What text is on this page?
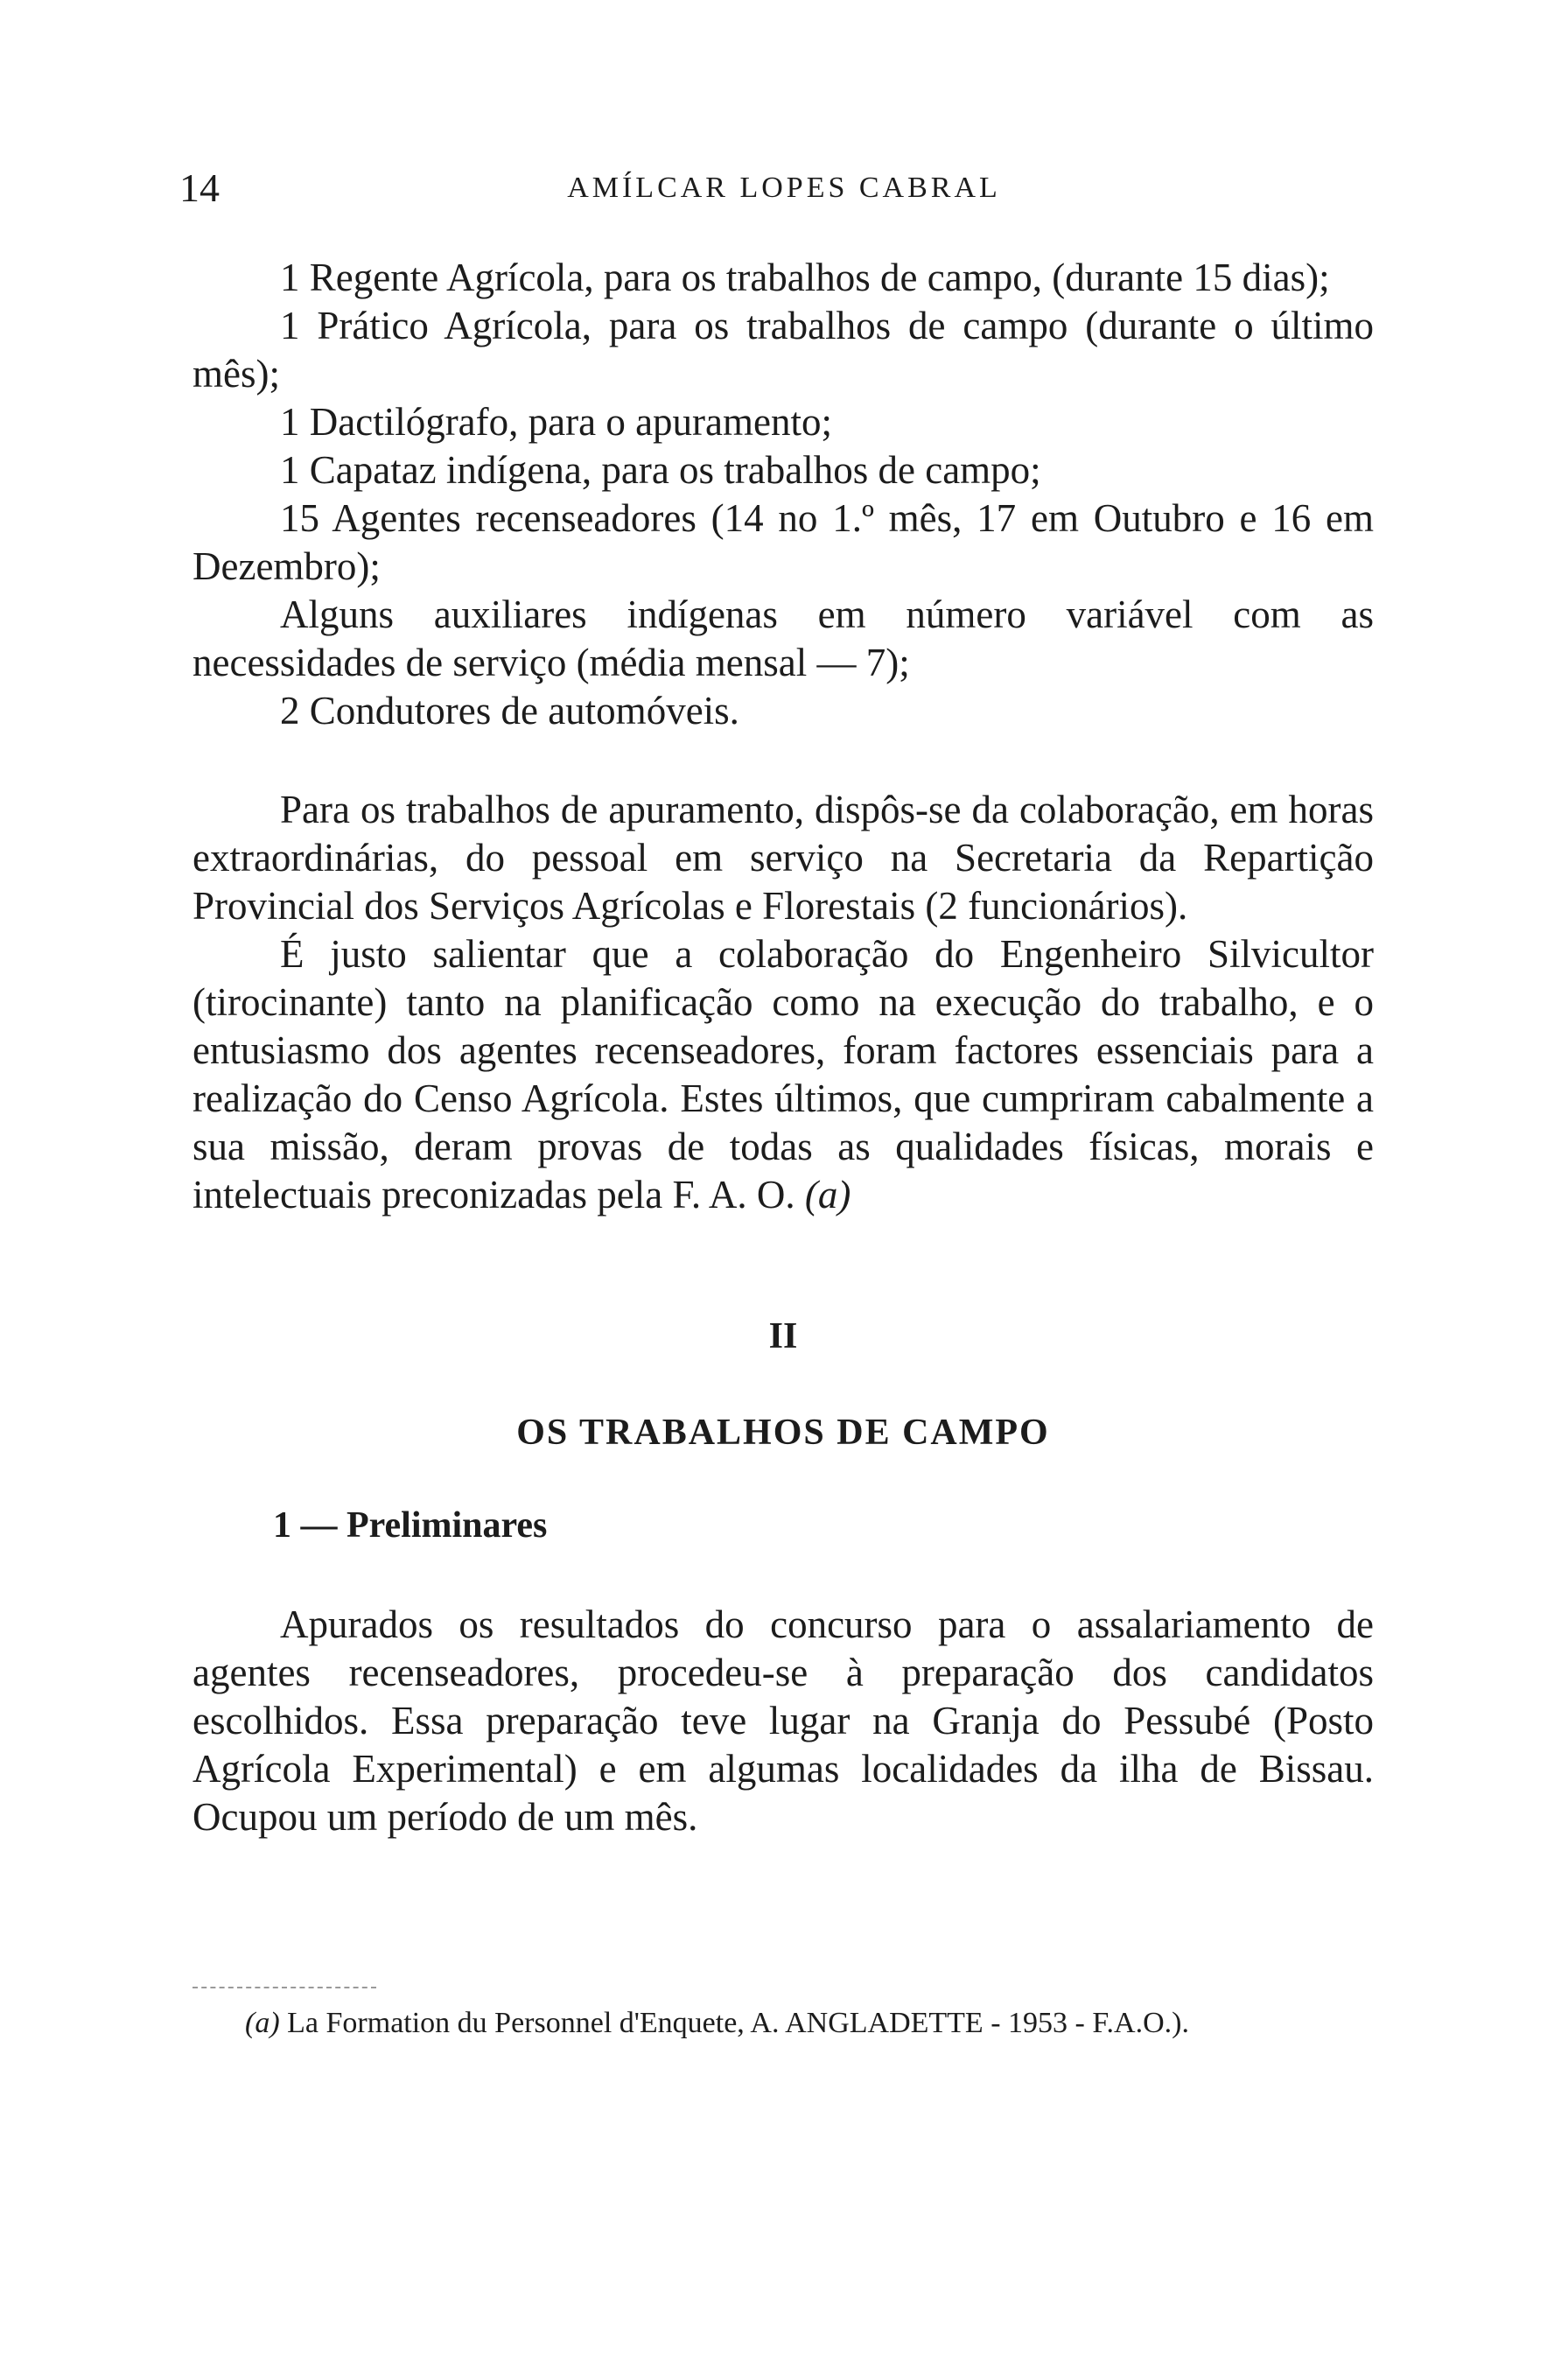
14	AMÍLCAR LOPES CABRAL

1 Regente Agrícola, para os trabalhos de campo, (durante 15 dias);

1 Prático Agrícola, para os trabalhos de campo (durante o último mês);

1 Dactilógrafo, para o apuramento;

1 Capataz indígena, para os trabalhos de campo;

15 Agentes recenseadores (14 no 1.º mês, 17 em Outubro e 16 em Dezembro);

Alguns auxiliares indígenas em número variável com as necessidades de serviço (média mensal — 7);

2 Condutores de automóveis.

Para os trabalhos de apuramento, dispôs-se da colaboração, em horas extraordinárias, do pessoal em serviço na Secretaria da Repartição Provincial dos Serviços Agrícolas e Florestais (2 funcionários).

É justo salientar que a colaboração do Engenheiro Silvicultor (tirocinante) tanto na planificação como na execução do trabalho, e o entusiasmo dos agentes recenseadores, foram factores essenciais para a realização do Censo Agrícola. Estes últimos, que cumpriram cabalmente a sua missão, deram provas de todas as qualidades físicas, morais e intelectuais preconizadas pela F. A. O. (a)

II
OS TRABALHOS DE CAMPO
1 — Preliminares

Apurados os resultados do concurso para o assalariamento de agentes recenseadores, procedeu-se à preparação dos candidatos escolhidos. Essa preparação teve lugar na Granja do Pessubé (Posto Agrícola Experimental) e em algumas localidades da ilha de Bissau. Ocupou um período de um mês.

(a) La Formation du Personnel d'Enquete, A. ANGLADETTE - 1953 - F.A.O.).
